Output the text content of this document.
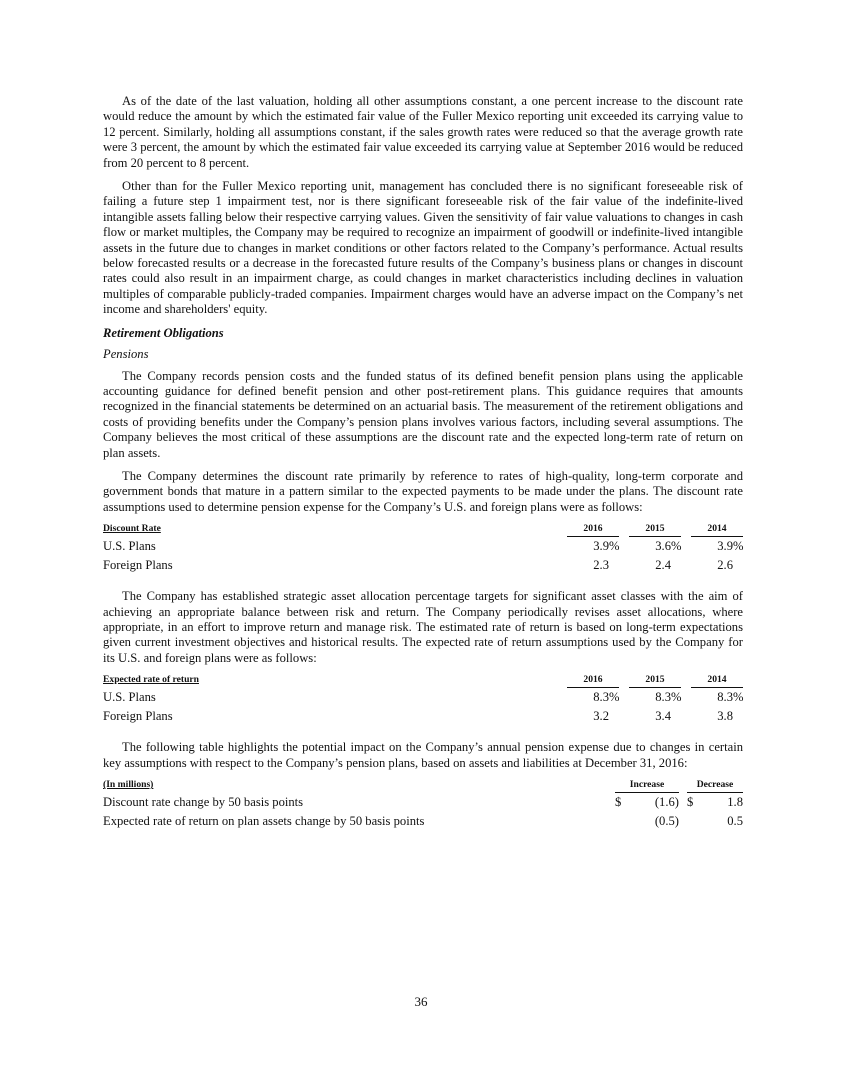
As of the date of the last valuation, holding all other assumptions constant, a one percent increase to the discount rate would reduce the amount by which the estimated fair value of the Fuller Mexico reporting unit exceeded its carrying value to 12 percent. Similarly, holding all assumptions constant, if the sales growth rates were reduced so that the average growth rate were 3 percent, the amount by which the estimated fair value exceeded its carrying value at September 2016 would be reduced from 20 percent to 8 percent.

Other than for the Fuller Mexico reporting unit, management has concluded there is no significant foreseeable risk of failing a future step 1 impairment test, nor is there significant foreseeable risk of the fair value of the indefinite-lived intangible assets falling below their respective carrying values. Given the sensitivity of fair value valuations to changes in cash flow or market multiples, the Company may be required to recognize an impairment of goodwill or indefinite-lived intangible assets in the future due to changes in market conditions or other factors related to the Company’s performance. Actual results below forecasted results or a decrease in the forecasted future results of the Company’s business plans or changes in discount rates could also result in an impairment charge, as could changes in market characteristics including declines in valuation multiples of comparable publicly-traded companies. Impairment charges would have an adverse impact on the Company’s net income and shareholders' equity.

Retirement Obligations
Pensions

The Company records pension costs and the funded status of its defined benefit pension plans using the applicable accounting guidance for defined benefit pension and other post-retirement plans. This guidance requires that amounts recognized in the financial statements be determined on an actuarial basis. The measurement of the retirement obligations and costs of providing benefits under the Company’s pension plans involves various factors, including several assumptions. The Company believes the most critical of these assumptions are the discount rate and the expected long-term rate of return on plan assets.

The Company determines the discount rate primarily by reference to rates of high-quality, long-term corporate and government bonds that mature in a pattern similar to the expected payments to be made under the plans. The discount rate assumptions used to determine pension expense for the Company’s U.S. and foreign plans were as follows:

Discount Rate	2016		2015		2014
U.S. Plans	3.9%		3.6%		3.9%
Foreign Plans	2.3		2.4		2.6

The Company has established strategic asset allocation percentage targets for significant asset classes with the aim of achieving an appropriate balance between risk and return. The Company periodically revises asset allocations, where appropriate, in an effort to improve return and manage risk. The estimated rate of return is based on long-term expectations given current investment objectives and historical results. The expected rate of return assumptions used by the Company for its U.S. and foreign plans were as follows:

Expected rate of return	2016		2015		2014
U.S. Plans	8.3%		8.3%		8.3%
Foreign Plans	3.2		3.4		3.8

The following table highlights the potential impact on the Company’s annual pension expense due to changes in certain key assumptions with respect to the Company’s pension plans, based on assets and liabilities at December 31, 2016:

(In millions)	Increase		Decrease
Discount rate change by 50 basis points	$ (1.6)		$ 1.8
Expected rate of return on plan assets change by 50 basis points	(0.5)		0.5
36
